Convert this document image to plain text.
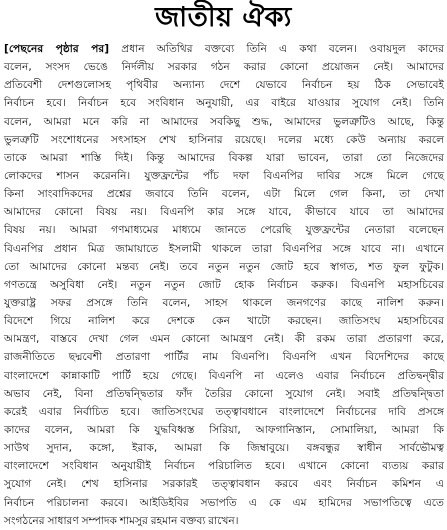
জাতীয় ঐক্য
[পেছনের পৃষ্ঠার পর] প্রধান অতিথির বক্তব্যে তিনি এ কথা বলেন। ওবায়দুল কাদের
বলেন, সংসদ ভেঙে নির্দলীয় সরকার গঠন করার কোনো প্রয়োজন নেই। আমাদের
প্রতিবেশী দেশগুলোসহ পৃথিবীর অন্যান্য দেশে যেভাবে নির্বাচন হয় ঠিক সেভাবেই
নির্বাচন হবে। নির্বাচন হবে সংবিধান অনুযায়ী, এর বাইরে যাওয়ার সুযোগ নেই। তিনি
বলেন, আমরা মনে করি না আমাদের সবকিছু শুদ্ধ, আমাদের ভুলত্রুটিও আছে, কিন্তু
ভুলত্রুটি সংশোধনের সৎসাহস শেখ হাসিনার রয়েছে। দলের মধ্যে কেউ অন্যায় করলে
তাকে আমরা শাস্তি দিই। কিন্তু আমাদের বিকল্প যারা ভাবেন, তারা তো নিজেদের
লোকদের শাসন করেননি। যুক্তফ্রন্টের পাঁচ দফা বিএনপির দাবির সঙ্গে মিলে গেছে
কিনা সাংবাদিকদের প্রশ্নের জবাবে তিনি বলেন, এটা মিলে গেল কিনা, তা দেখা
আমাদের কোনো বিষয় নয়। বিএনপি কার সঙ্গে যাবে, কীভাবে যাবে তা আমাদের
বিষয় নয়। আমরা গণমাধ্যমের মাধ্যমে জানতে পেরেছি যুক্তফ্রন্টের নেতারা বলেছেন
বিএনপির প্রধান মিত্র জামায়াতে ইসলামী থাকলে তারা বিএনপির সঙ্গে যাবে না। এখানে
তো আমাদের কোনো মন্তব্য নেই। তবে নতুন নতুন জোট হবে স্বাগত, শত ফুল ফুটুক।
গণতন্ত্রে অসুবিধা নেই। নতুন নতুন জোট হোক নির্বাচন করুক। বিএনপি মহাসচিবের
যুক্তরাষ্ট্র সফর প্রসঙ্গে তিনি বলেন, সাহস থাকলে জনগণের কাছে নালিশ করুন।
বিদেশে গিয়ে নালিশ করে দেশকে কেন খাটো করছেন। জাতিসংঘ মহাসচিবের
আমন্ত্রণ, বাস্তবে দেখা গেল এমন কোনো আমন্ত্রণ নেই। কী রকম তারা প্রতারণা করে,
রাজনীতিতে ছদ্মবেশী প্রতারণা পার্টির নাম বিএনপি। বিএনপি এখন বিদেশিদের কাছে
বাংলাদেশে কান্নাকাটি পার্টি হয়ে গেছে। বিএনপি না এলেও এবার নির্বাচনে প্রতিদ্বন্দ্বীর
অভাব নেই, বিনা প্রতিদ্বন্দ্বিতার ফাঁদ তৈরির কোনো সুযোগ নেই। সবাই প্রতিদ্বন্দ্বিতা
করেই এবার নির্বাচিত হবে। জাতিসংঘের তত্ত্বাবধানে বাংলাদেশে নির্বাচনের দাবি প্রসঙ্গে
কাদের বলেন, আমরা কি যুদ্ধবিধ্বস্ত সিরিয়া, আফগানিস্তান, সোমালিয়া, আমরা কি
সাউথ সুদান, কঙ্গো, ইরাক, আমরা কি জিম্বাবুয়ে। বঙ্গবন্ধুর স্বাধীন সার্বভৌমত্ব
বাংলাদেশে সংবিধান অনুযায়ীই নির্বাচন পরিচালিত হবে। এখানে কোনো ব্যত্যয় করার
সুযোগ নেই। শেখ হাসিনার সরকারই তত্ত্বাবধান করবে এবং নির্বাচন কমিশন এ
নির্বাচন পরিচালনা করবে। আইডিইবির সভাপতি এ কে এম হামিদের সভাপতিত্বে এতে
সংগঠনের সাধারণ সম্পাদক শামসুর রহমান বক্তব্য রাখেন।
